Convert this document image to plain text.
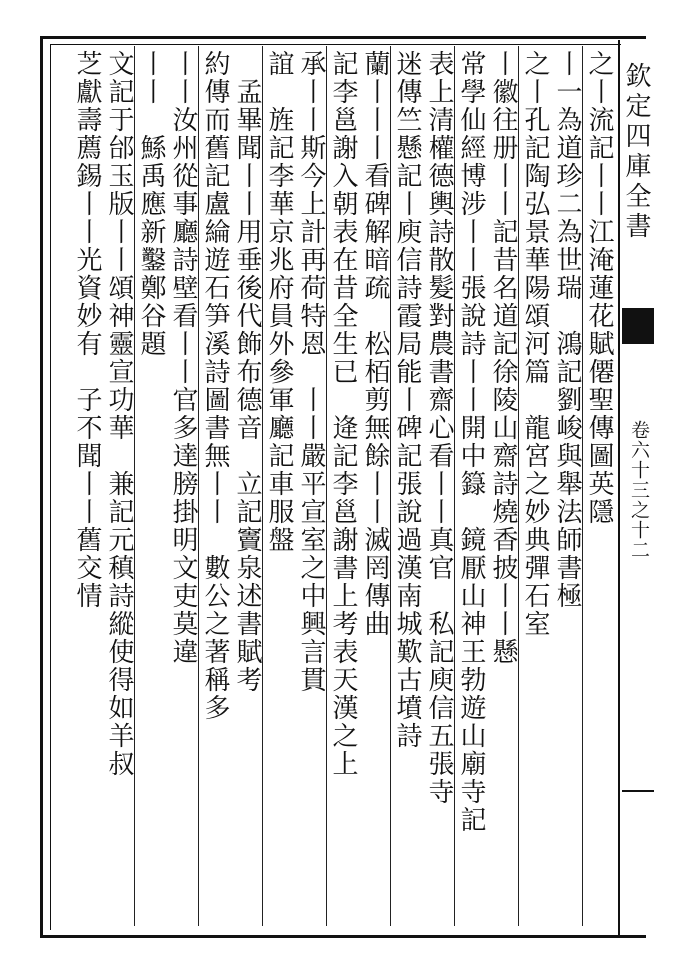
欽定四庫全書
卷六十三之十二
之丨流記丨丨江淹蓮花賦僊聖傳圖英隱
丨一為道珍二為世瑞　鴻記劉峻與舉法師書極
之丨孔記陶弘景華陽頌河篇　龍宮之妙典彈石室
丨徽往册丨丨記昔名道記徐陵山齋詩燒香披丨丨懸
常學仙經博涉丨丨張說詩丨丨開中籙　鏡厭山神王勃遊山廟寺記
表上清權德輿詩散髮對農書齋心看丨丨真官　私記庾信五張寺
迷傳竺懸記丨庾信詩霞局能丨碑記張說過漢南城歎古墳詩
蘭丨丨丨看碑解暗疏　松栢剪無餘丨丨滅罔傳曲
記李邕謝入朝表在昔全生已　逄記李邕謝書上考表天漢之上
承丨丨斯今上計再荷特恩　丨丨嚴平宣室之中興言貫
誼　旌記李華京兆府員外參軍廳記車服盤
　孟畢聞丨丨用垂後代飾布德音　立記竇泉述書賦考
約傳而舊記盧綸遊石笋溪詩圖書無丨丨　數公之著稱多
丨丨汝州從事廳詩壁看丨丨官多達膀掛明文吏莫違
丨丨　鯀禹應新鑿鄭谷題
文記于邰玉版丨丨頌神靈宣功華　兼記元稹詩縱使得如羊叔
芝獻壽薦錫丨丨光資妙有　子不聞丨丨舊交情
